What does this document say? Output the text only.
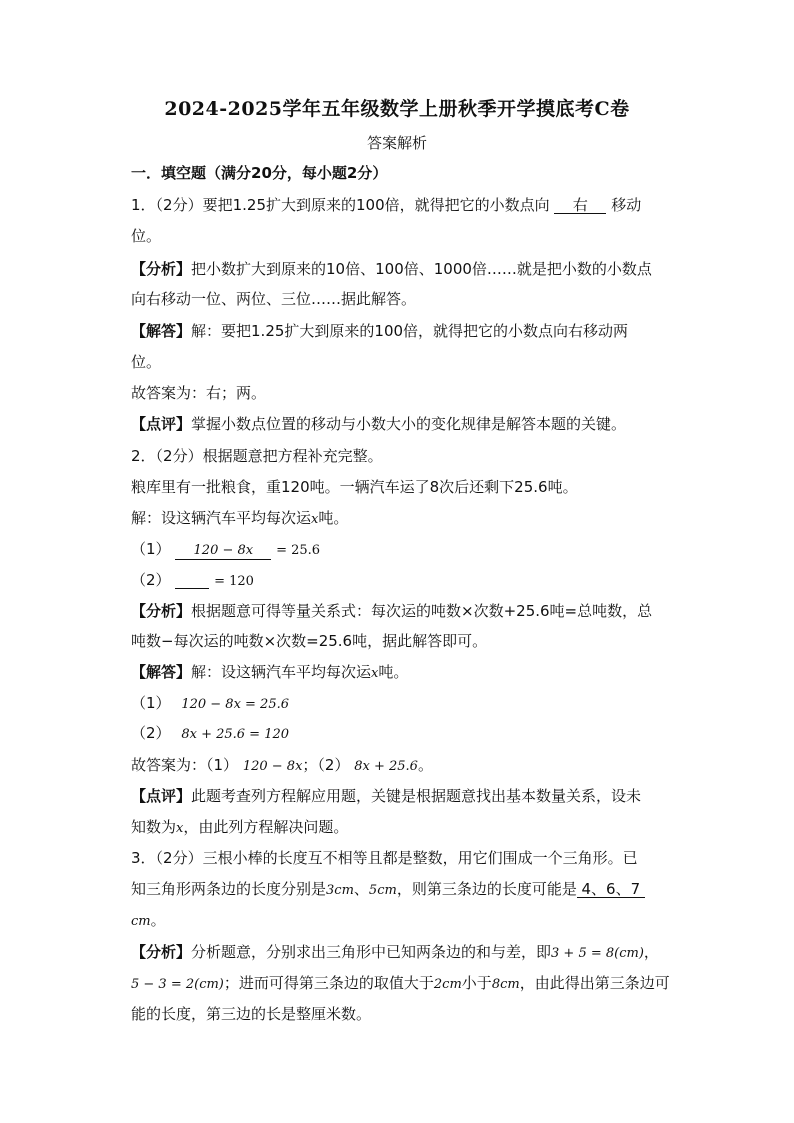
2024-2025学年五年级数学上册秋季开学摸底考C卷
答案解析
一．填空题（满分20分，每小题2分）
1．（2分）要把1.25扩大到原来的100倍，就得把它的小数点向 右 移动
位。
【分析】把小数扩大到原来的10倍、100倍、1000倍……就是把小数的小数点
向右移动一位、两位、三位……据此解答。
【解答】解：要把1.25扩大到原来的100倍，就得把它的小数点向右移动两
位。
故答案为：右；两。
【点评】掌握小数点位置的移动与小数大小的变化规律是解答本题的关键。
2．（2分）根据题意把方程补充完整。
粮库里有一批粮食，重120吨。一辆汽车运了8次后还剩下25.6吨。
解：设这辆汽车平均每次运x吨。
（1） 120 − 8x = 25.6
（2）	= 120
【分析】根据题意可得等量关系式：每次运的吨数×次数+25.6吨=总吨数，总
吨数−每次运的吨数×次数=25.6吨，据此解答即可。
【解答】解：设这辆汽车平均每次运x吨。
（1） 120 − 8x = 25.6
（2） 8x + 25.6 = 120
故答案为：（1） 120 − 8x；（2） 8x + 25.6。
【点评】此题考查列方程解应用题，关键是根据题意找出基本数量关系，设未
知数为x，由此列方程解决问题。
3．（2分）三根小棒的长度互不相等且都是整数，用它们围成一个三角形。已
知三角形两条边的长度分别是3cm、5cm，则第三条边的长度可能是 4、6、7
cm。
【分析】分析题意，分别求出三角形中已知两条边的和与差，即3 + 5 = 8(cm)，
5 − 3 = 2(cm)；进而可得第三条边的取值大于2cm小于8cm，由此得出第三条边可
能的长度，第三边的长是整厘米数。
